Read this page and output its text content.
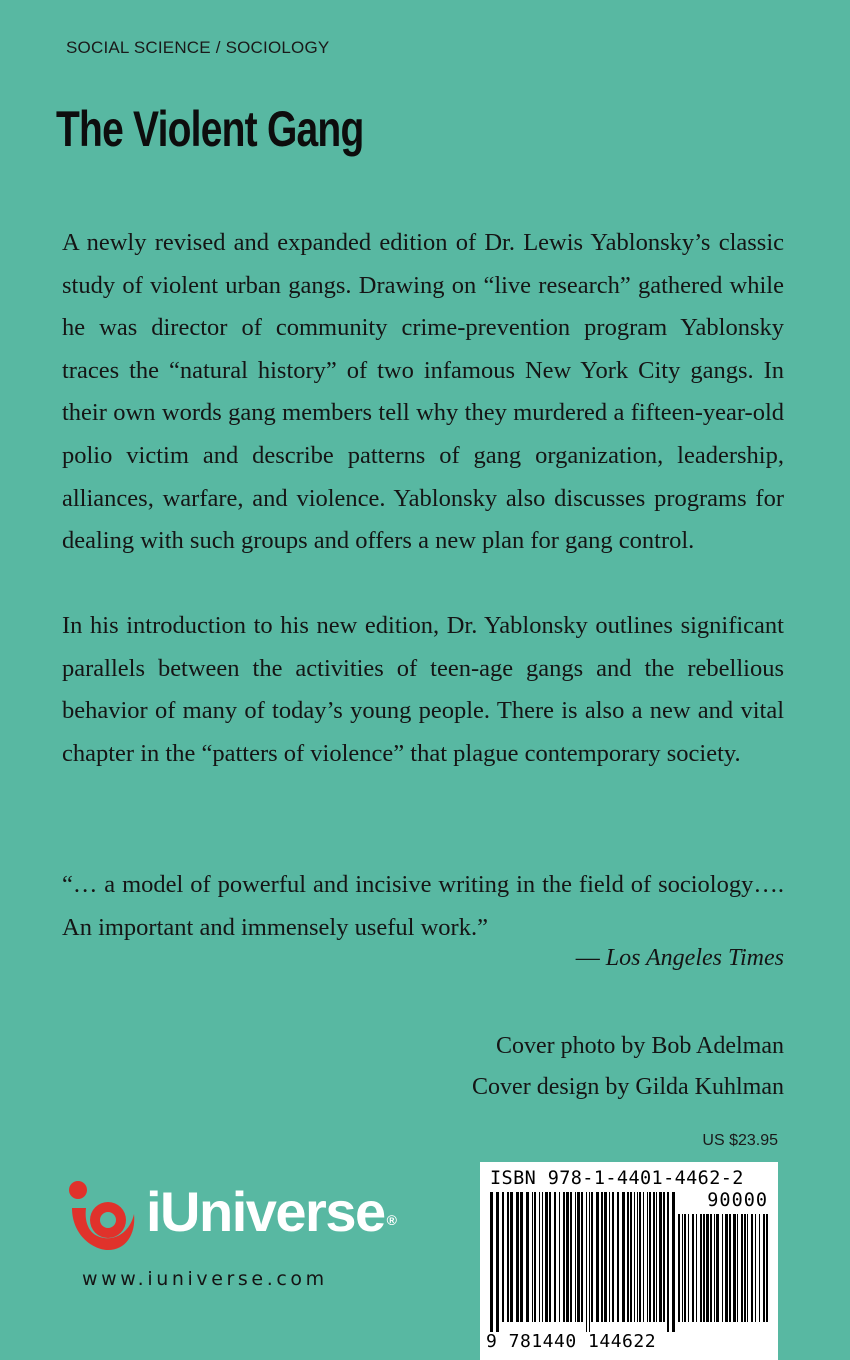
SOCIAL SCIENCE / SOCIOLOGY
The Violent Gang
A newly revised and expanded edition of Dr. Lewis Yablonsky’s classic study of violent urban gangs. Drawing on “live research” gathered while he was director of community crime-prevention program Yablonsky traces the “natural history” of two infamous New York City gangs. In their own words gang members tell why they murdered a fifteen-year-old polio victim and describe patterns of gang organization, leadership, alliances, warfare, and violence. Yablonsky also discusses programs for dealing with such groups and offers a new plan for gang control.
In his introduction to his new edition, Dr. Yablonsky outlines significant parallels between the activities of teen-age gangs and the rebellious behavior of many of today’s young people. There is also a new and vital chapter in the “patters of violence” that plague contemporary society.
“… a model of powerful and incisive writing in the field of sociology…. An important and immensely useful work.”
— Los Angeles Times
Cover photo by Bob Adelman
Cover design by Gilda Kuhlman
US $23.95
iUniverse ®
www.iuniverse.com
ISBN 978-1-4401-4462-2
90000
9 781440 144622
